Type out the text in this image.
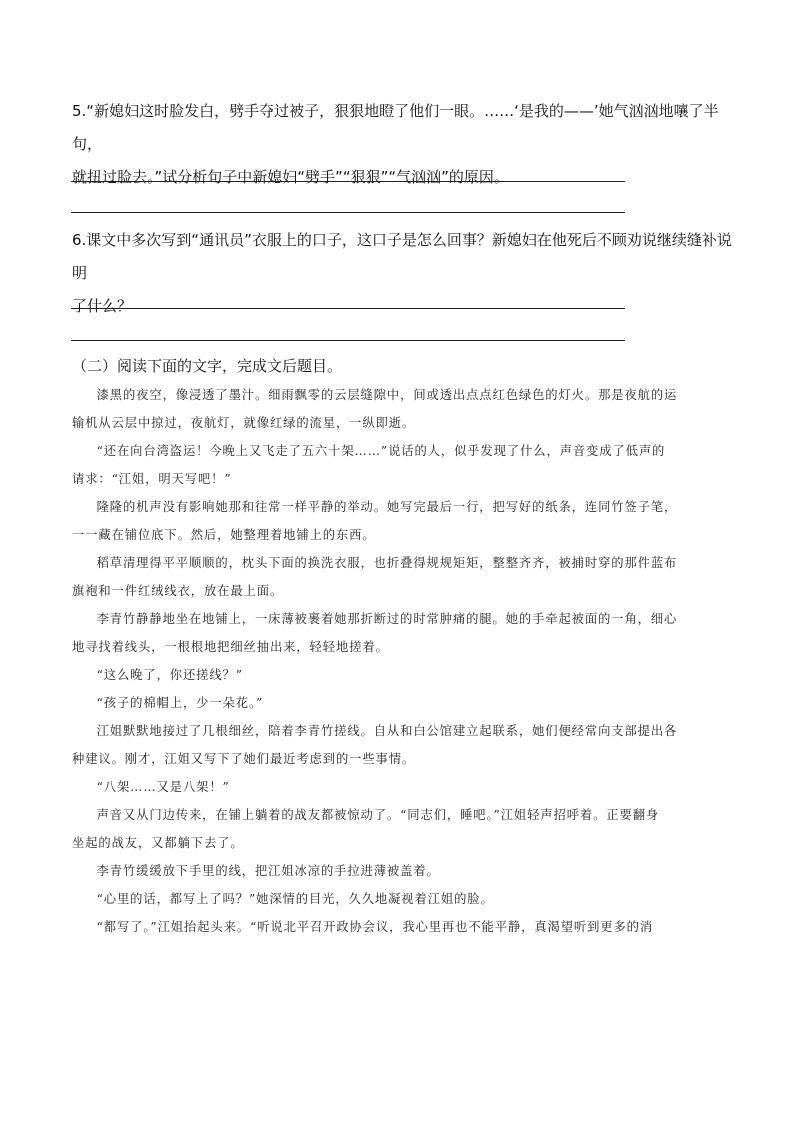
5.“新媳妇这时脸发白，劈手夺过被子，狠狠地瞪了他们一眼。……‘是我的——’她气汹汹地嚷了半句，
就扭过脸去。”试分析句子中新媳妇“劈手”“狠狠”“气汹汹”的原因。
6.课文中多次写到“通讯员”衣服上的口子，这口子是怎么回事？新媳妇在他死后不顾劝说继续缝补说明
了什么？
（二）阅读下面的文字，完成文后题目。

漆黑的夜空，像浸透了墨汁。细雨飘零的云层缝隙中，间或透出点点红色绿色的灯火。那是夜航的运

输机从云层中掠过，夜航灯，就像红绿的流星，一纵即逝。

“还在向台湾盗运！今晚上又飞走了五六十架……”说话的人，似乎发现了什么，声音变成了低声的

请求：“江姐，明天写吧！”

隆隆的机声没有影响她那和往常一样平静的举动。她写完最后一行，把写好的纸条，连同竹签子笔，

一一藏在铺位底下。然后，她整理着地铺上的东西。

稻草清理得平平顺顺的，枕头下面的换洗衣服，也折叠得规规矩矩，整整齐齐，被捕时穿的那件蓝布

旗袍和一件红绒线衣，放在最上面。

李青竹静静地坐在地铺上，一床薄被裹着她那折断过的时常肿痛的腿。她的手牵起被面的一角，细心

地寻找着线头，一根根地把细丝抽出来，轻轻地搓着。

“这么晚了，你还搓线？”

“孩子的棉帽上，少一朵花。”

江姐默默地接过了几根细丝，陪着李青竹搓线。自从和白公馆建立起联系，她们便经常向支部提出各

种建议。刚才，江姐又写下了她们最近考虑到的一些事情。

“八架……又是八架！”

声音又从门边传来，在铺上躺着的战友都被惊动了。“同志们，睡吧。”江姐轻声招呼着。正要翻身

坐起的战友，又都躺下去了。

李青竹缓缓放下手里的线，把江姐冰凉的手拉进薄被盖着。

“心里的话，都写上了吗？”她深情的目光，久久地凝视着江姐的脸。

“都写了。”江姐抬起头来。“听说北平召开政协会议，我心里再也不能平静，真渴望听到更多的消
